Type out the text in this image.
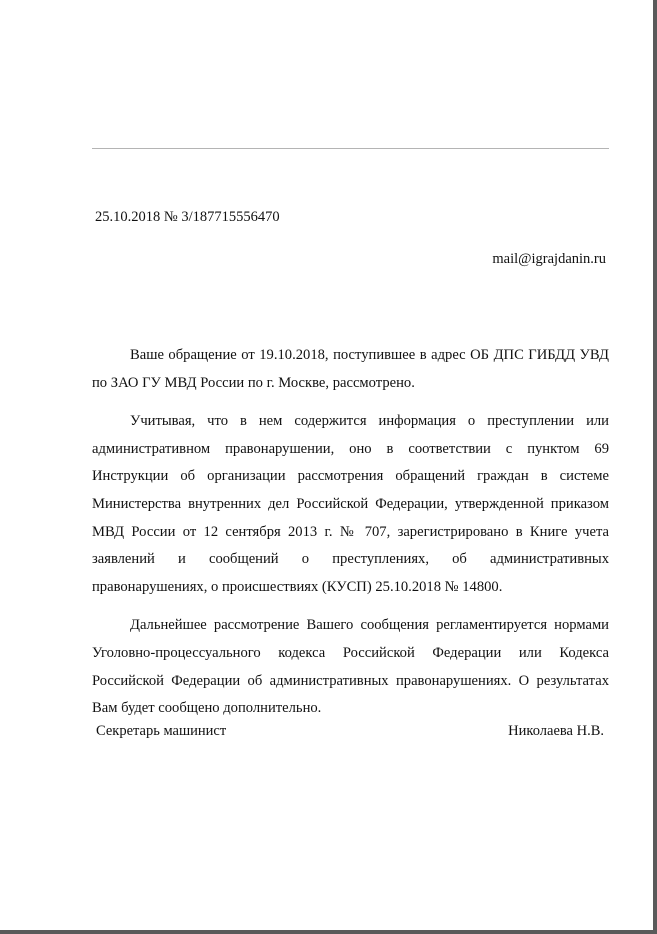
25.10.2018 № 3/187715556470
mail@igrajdanin.ru

Ваше обращение от 19.10.2018, поступившее в адрес ОБ ДПС ГИБДД УВД по ЗАО ГУ МВД России по г. Москве, рассмотрено.

Учитывая, что в нем содержится информация о преступлении или административном правонарушении, оно в соответствии с пунктом 69 Инструкции об организации рассмотрения обращений граждан в системе Министерства внутренних дел Российской Федерации, утвержденной приказом МВД России от 12 сентября 2013 г. № 707, зарегистрировано в Книге учета заявлений и сообщений о преступлениях, об административных правонарушениях, о происшествиях (КУСП) 25.10.2018 № 14800.

Дальнейшее рассмотрение Вашего сообщения регламентируется нормами Уголовно-процессуального кодекса Российской Федерации или Кодекса Российской Федерации об административных правонарушениях. О результатах Вам будет сообщено дополнительно.

Секретарь машинист	Николаева Н.В.
